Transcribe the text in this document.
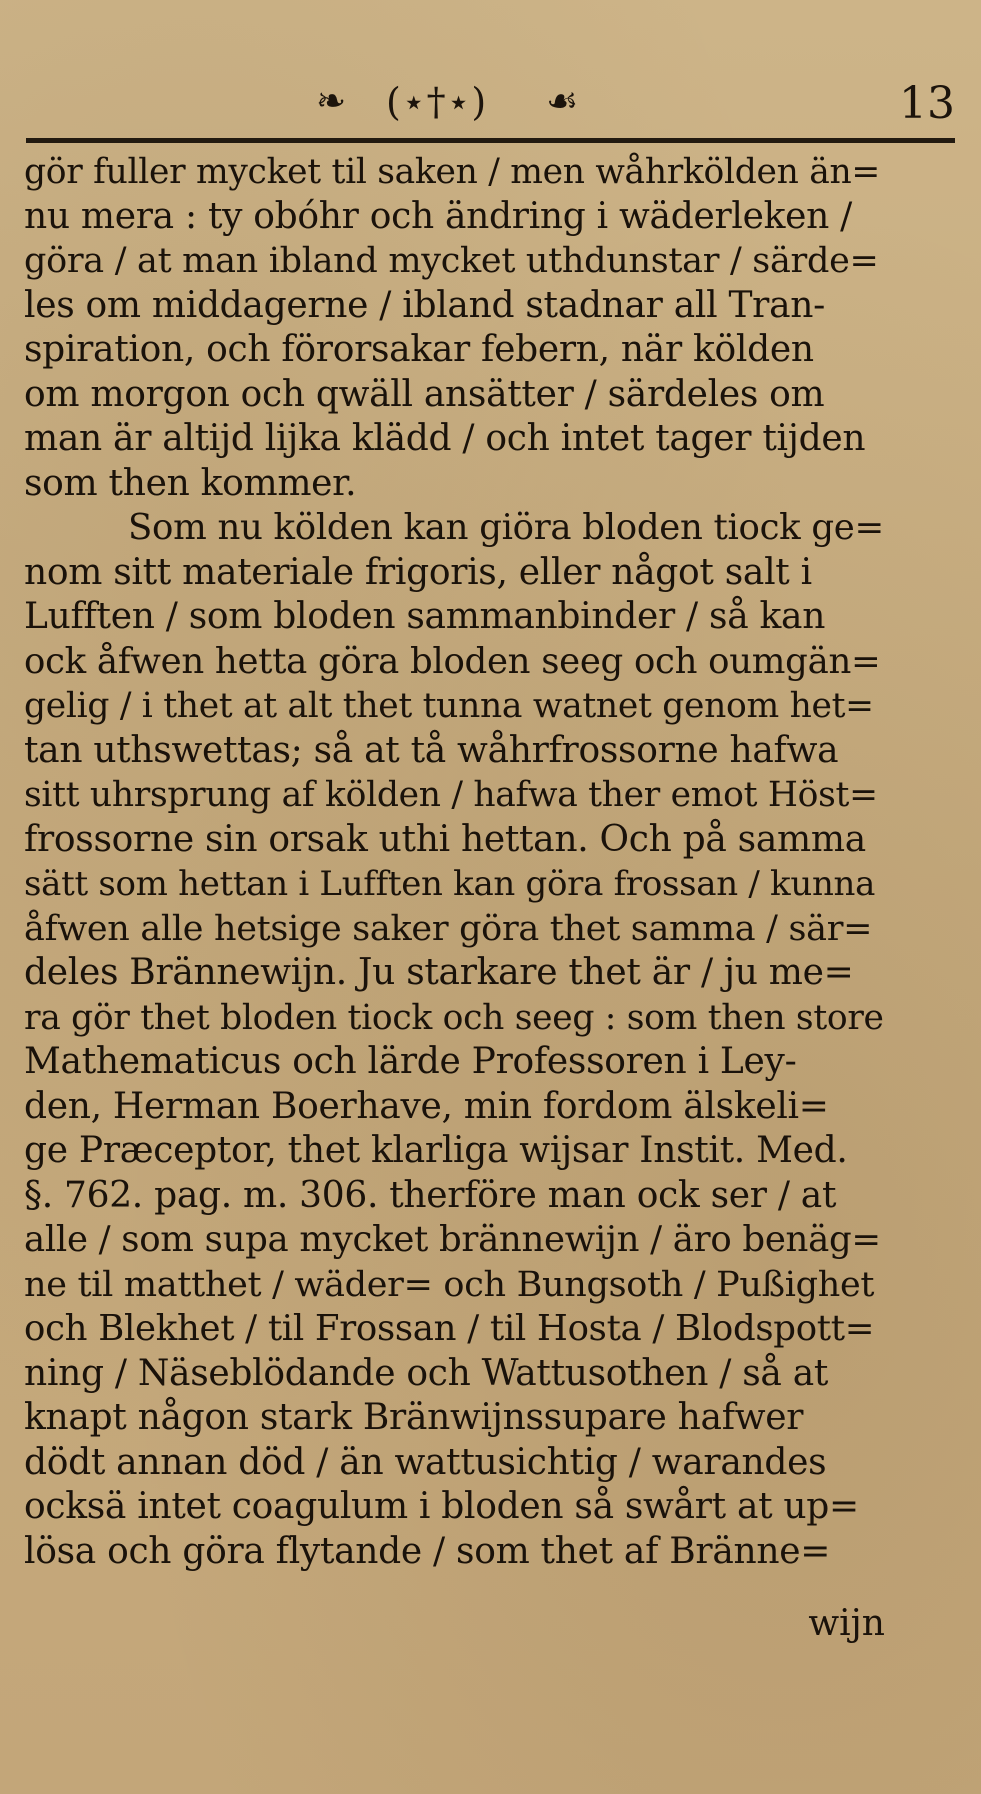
❧ (⋆†⋆) ☙	13
gör fuller mycket til saken / men wåhrkölden än=
nu mera : ty obóhr och ändring i wäderleken /
göra / at man ibland mycket uthdunstar / särde=
les om middagerne / ibland stadnar all Tran-
spiration, och förorsakar febern, när kölden
om morgon och qwäll ansätter / särdeles om
man är altijd lijka klädd / och intet tager tijden
som then kommer.
Som nu kölden kan giöra bloden tiock ge=
nom sitt materiale frigoris, eller något salt i
Lufften / som bloden sammanbinder / så kan
ock åfwen hetta göra bloden seeg och oumgän=
gelig / i thet at alt thet tunna watnet genom het=
tan uthswettas; så at tå wåhrfrossorne hafwa
sitt uhrsprung af kölden / hafwa ther emot Höst=
frossorne sin orsak uthi hettan. Och på samma
sätt som hettan i Lufften kan göra frossan / kunna
åfwen alle hetsige saker göra thet samma / sär=
deles Brännewijn. Ju starkare thet är / ju me=
ra gör thet bloden tiock och seeg : som then store
Mathematicus och lärde Professoren i Ley-
den, Herman Boerhave, min fordom älskeli=
ge Præceptor, thet klarliga wijsar Instit. Med.
§. 762. pag. m. 306. therföre man ock ser / at
alle / som supa mycket brännewijn / äro benäg=
ne til matthet / wäder= och Bungsoth / Pußighet
och Blekhet / til Frossan / til Hosta / Blodspott=
ning / Näseblödande och Wattusothen / så at
knapt någon stark Bränwijnssupare hafwer
dödt annan död / än wattusichtig / warandes
ocksä intet coagulum i bloden så swårt at up=
lösa och göra flytande / som thet af Bränne=
wijn
